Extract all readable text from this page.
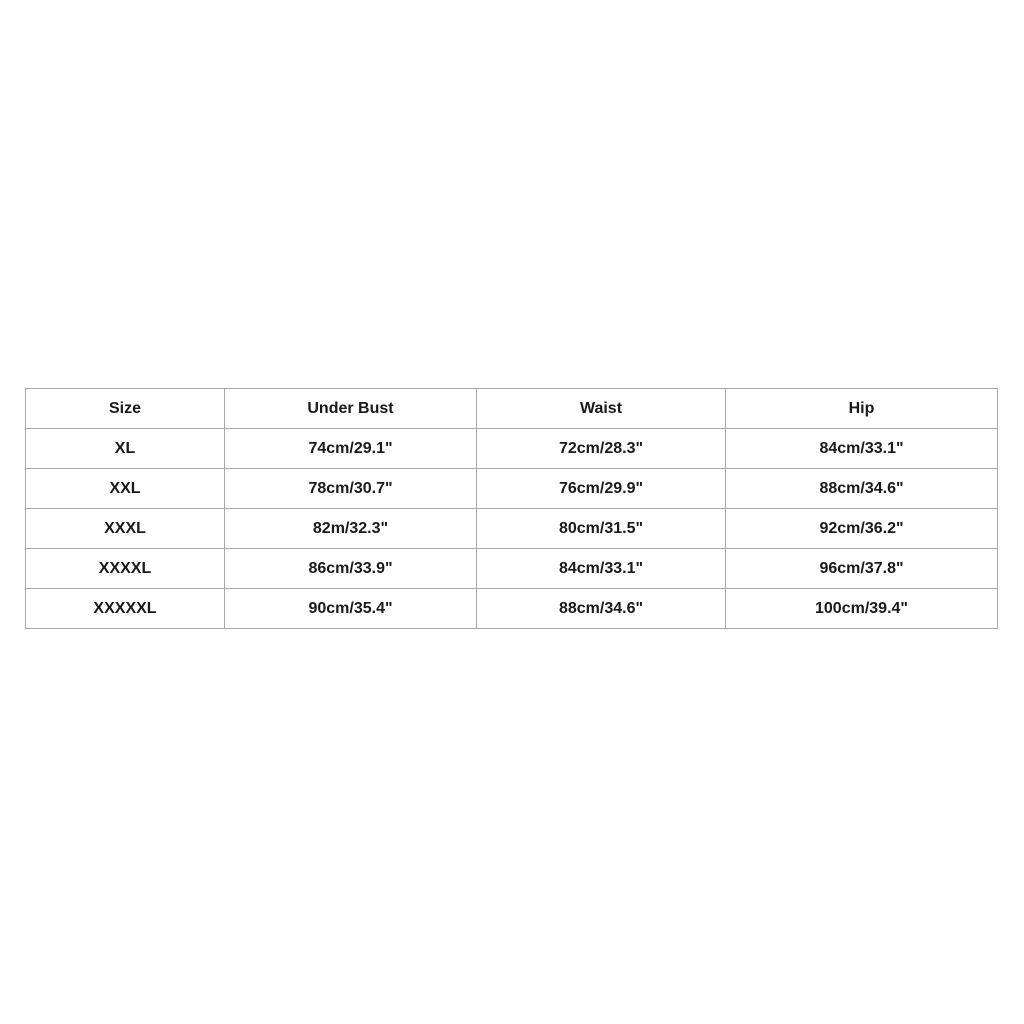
Size	Under Bust	Waist	Hip
XL	74cm/29.1"	72cm/28.3"	84cm/33.1"
XXL	78cm/30.7"	76cm/29.9"	88cm/34.6"
XXXL	82m/32.3"	80cm/31.5"	92cm/36.2"
XXXXL	86cm/33.9"	84cm/33.1"	96cm/37.8"
XXXXXL	90cm/35.4"	88cm/34.6"	100cm/39.4"
